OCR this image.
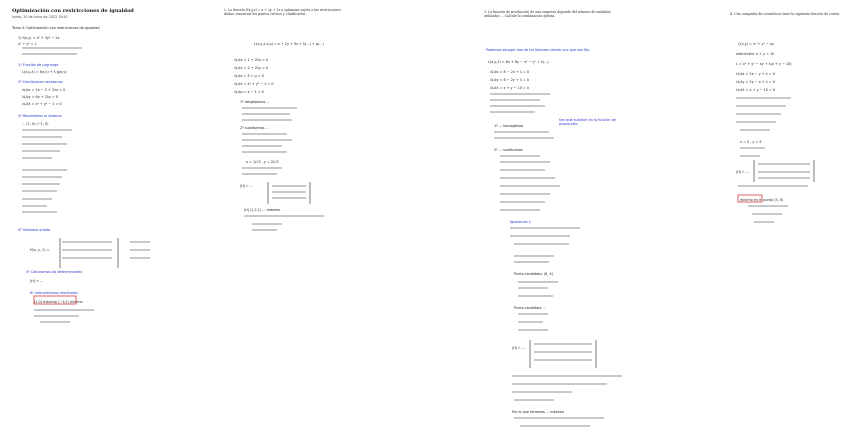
Optimización con restricciones de igualdad
lunes, 20 de junio de 2022 18:01
Tema 3: Optimización con restricciones de igualdad
1) f(x,y) = x² + 3y² − 2x
x² + y² = 1
1º Función de Lagrange
L(x,y,λ) = f(x,y) + λ g(x,y)
2º Condiciones necesarias
∂L/∂x = 2x − 2 + 2λx = 0
∂L/∂y = 6y + 2λy = 0
∂L/∂λ = x² + y² − 1 = 0
3º Resolvemos el sistema
... (1, 0) (−1, 0)
4º Hessiana orlada
H(x, y, λ) =
5º Calculamos los determinantes
|H| = ...
6º Interpretamos resultados
(1,0) máximo (−1,0) mínimo
2. La función f(x,y,z) = x + 2y + 3z a optimizar sujeta a las restricciones dadas; encontrar los puntos críticos y clasificarlos.
L(x,y,z,λ,μ) = x + 2y + 3z + λ(...) + μ(...)
∂L/∂x = 1 + 2λx = 0
∂L/∂y = 2 + 2λy = 0
∂L/∂z = 3 + μ = 0
∂L/∂λ = x² + y² − 1 = 0
∂L/∂μ = z − 1 = 0
1º despejamos ...
2º sustituimos ...
x = 1/√5 , y = 2/√5
|H| = ...
|H| (1,2,1) ... máximo
3. La función de producción de una empresa depende del número de unidades utilizadas ... Calcule la combinación óptima.
Podemos escoger dos de los factores siendo uno que sea fijo
L(x,y,λ) = 8x + 6y − x² − y² + λ(...)
∂L/∂x = 8 − 2x + λ = 0
∂L/∂y = 6 − 2y + λ = 0
∂L/∂λ = x + y − 10 = 0
1º ... homogénea
2º ... sustituimos
Igualamos λ
Punto candidato: (6, 4)
Punto candidato ...
|H| = ...
Por lo que tenemos ... máximo
hay que sustituir en la función de producción
4. Una compañía de cosméticos tiene la siguiente función de costes
C(x,y) = x² + y² − xy
restricción: x + y = 10
L = x² + y² − xy + λ(x + y − 10)
∂L/∂x = 2x − y + λ = 0
∂L/∂y = 2y − x + λ = 0
∂L/∂λ = x + y − 10 = 0
x = 5 , y = 5
|H| = ...
mínimo en el punto (5, 5)
